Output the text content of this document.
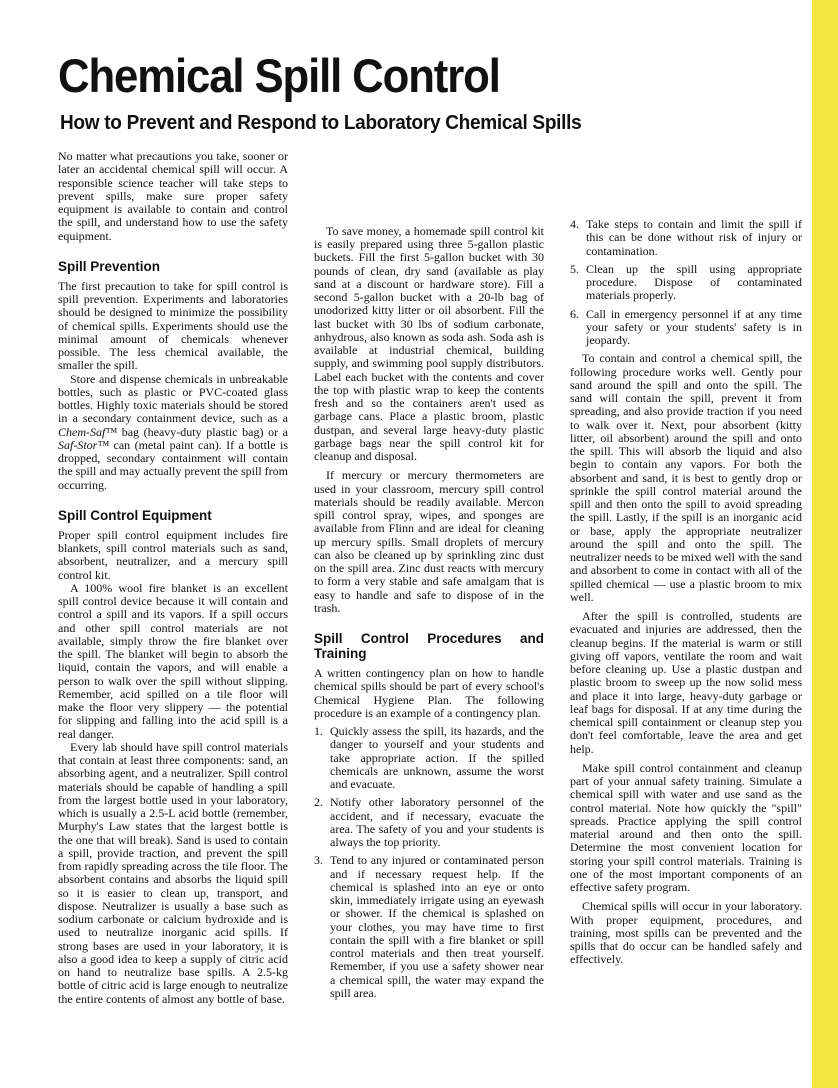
Chemical Spill Control
How to Prevent and Respond to Laboratory Chemical Spills

No matter what precautions you take, sooner or later an accidental chemical spill will occur. A responsible science teacher will take steps to prevent spills, make sure proper safety equipment is available to contain and control the spill, and understand how to use the safety equipment.

Spill Prevention

The first precaution to take for spill control is spill prevention. Experiments and laboratories should be designed to minimize the possibility of chemical spills. Experiments should use the minimal amount of chemicals whenever possible. The less chemical available, the smaller the spill.

Store and dispense chemicals in unbreakable bottles, such as plastic or PVC-coated glass bottles. Highly toxic materials should be stored in a secondary containment device, such as a Chem-Saf™ bag (heavy-duty plastic bag) or a Saf-Stor™ can (metal paint can). If a bottle is dropped, secondary containment will contain the spill and may actually prevent the spill from occurring.

Spill Control Equipment

Proper spill control equipment includes fire blankets, spill control materials such as sand, absorbent, neutralizer, and a mercury spill control kit.

A 100% wool fire blanket is an excellent spill control device because it will contain and control a spill and its vapors. If a spill occurs and other spill control materials are not available, simply throw the fire blanket over the spill. The blanket will begin to absorb the liquid, contain the vapors, and will enable a person to walk over the spill without slipping. Remember, acid spilled on a tile floor will make the floor very slippery — the potential for slipping and falling into the acid spill is a real danger.

Every lab should have spill control materials that contain at least three components: sand, an absorbing agent, and a neutralizer. Spill control materials should be capable of handling a spill from the largest bottle used in your laboratory, which is usually a 2.5-L acid bottle (remember, Murphy's Law states that the largest bottle is the one that will break). Sand is used to contain a spill, provide traction, and prevent the spill from rapidly spreading across the tile floor. The absorbent contains and absorbs the liquid spill so it is easier to clean up, transport, and dispose. Neutralizer is usually a base such as sodium carbonate or calcium hydroxide and is used to neutralize inorganic acid spills. If strong bases are used in your laboratory, it is also a good idea to keep a supply of citric acid on hand to neutralize base spills. A 2.5-kg bottle of citric acid is large enough to neutralize the entire contents of almost any bottle of base.

To save money, a homemade spill control kit is easily prepared using three 5-gallon plastic buckets. Fill the first 5-gallon bucket with 30 pounds of clean, dry sand (available as play sand at a discount or hardware store). Fill a second 5-gallon bucket with a 20-lb bag of unodorized kitty litter or oil absorbent. Fill the last bucket with 30 lbs of sodium carbonate, anhydrous, also known as soda ash. Soda ash is available at industrial chemical, building supply, and swimming pool supply distributors. Label each bucket with the contents and cover the top with plastic wrap to keep the contents fresh and so the containers aren't used as garbage cans. Place a plastic broom, plastic dustpan, and several large heavy-duty plastic garbage bags near the spill control kit for cleanup and disposal.

If mercury or mercury thermometers are used in your classroom, mercury spill control materials should be readily available. Mercon spill control spray, wipes, and sponges are available from Flinn and are ideal for cleaning up mercury spills. Small droplets of mercury can also be cleaned up by sprinkling zinc dust on the spill area. Zinc dust reacts with mercury to form a very stable and safe amalgam that is easy to handle and safe to dispose of in the trash.

Spill Control Procedures and Training

A written contingency plan on how to handle chemical spills should be part of every school's Chemical Hygiene Plan. The following procedure is an example of a contingency plan.

1. Quickly assess the spill, its hazards, and the danger to yourself and your students and take appropriate action. If the spilled chemicals are unknown, assume the worst and evacuate.
2. Notify other laboratory personnel of the accident, and if necessary, evacuate the area. The safety of you and your students is always the top priority.
3. Tend to any injured or contaminated person and if necessary request help. If the chemical is splashed into an eye or onto skin, immediately irrigate using an eyewash or shower. If the chemical is splashed on your clothes, you may have time to first contain the spill with a fire blanket or spill control materials and then treat yourself. Remember, if you use a safety shower near a chemical spill, the water may expand the spill area.
4. Take steps to contain and limit the spill if this can be done without risk of injury or contamination.
5. Clean up the spill using appropriate procedure. Dispose of contaminated materials properly.
6. Call in emergency personnel if at any time your safety or your students' safety is in jeopardy.

To contain and control a chemical spill, the following procedure works well. Gently pour sand around the spill and onto the spill. The sand will contain the spill, prevent it from spreading, and also provide traction if you need to walk over it. Next, pour absorbent (kitty litter, oil absorbent) around the spill and onto the spill. This will absorb the liquid and also begin to contain any vapors. For both the absorbent and sand, it is best to gently drop or sprinkle the spill control material around the spill and then onto the spill to avoid spreading the spill. Lastly, if the spill is an inorganic acid or base, apply the appropriate neutralizer around the spill and onto the spill. The neutralizer needs to be mixed well with the sand and absorbent to come in contact with all of the spilled chemical — use a plastic broom to mix well.

After the spill is controlled, students are evacuated and injuries are addressed, then the cleanup begins. If the material is warm or still giving off vapors, ventilate the room and wait before cleaning up. Use a plastic dustpan and plastic broom to sweep up the now solid mess and place it into large, heavy-duty garbage or leaf bags for disposal. If at any time during the chemical spill containment or cleanup step you don't feel comfortable, leave the area and get help.

Make spill control containment and cleanup part of your annual safety training. Simulate a chemical spill with water and use sand as the control material. Note how quickly the "spill" spreads. Practice applying the spill control material around and then onto the spill. Determine the most convenient location for storing your spill control materials. Training is one of the most important components of an effective safety program.

Chemical spills will occur in your laboratory. With proper equipment, procedures, and training, most spills can be prevented and the spills that do occur can be handled safely and effectively.
